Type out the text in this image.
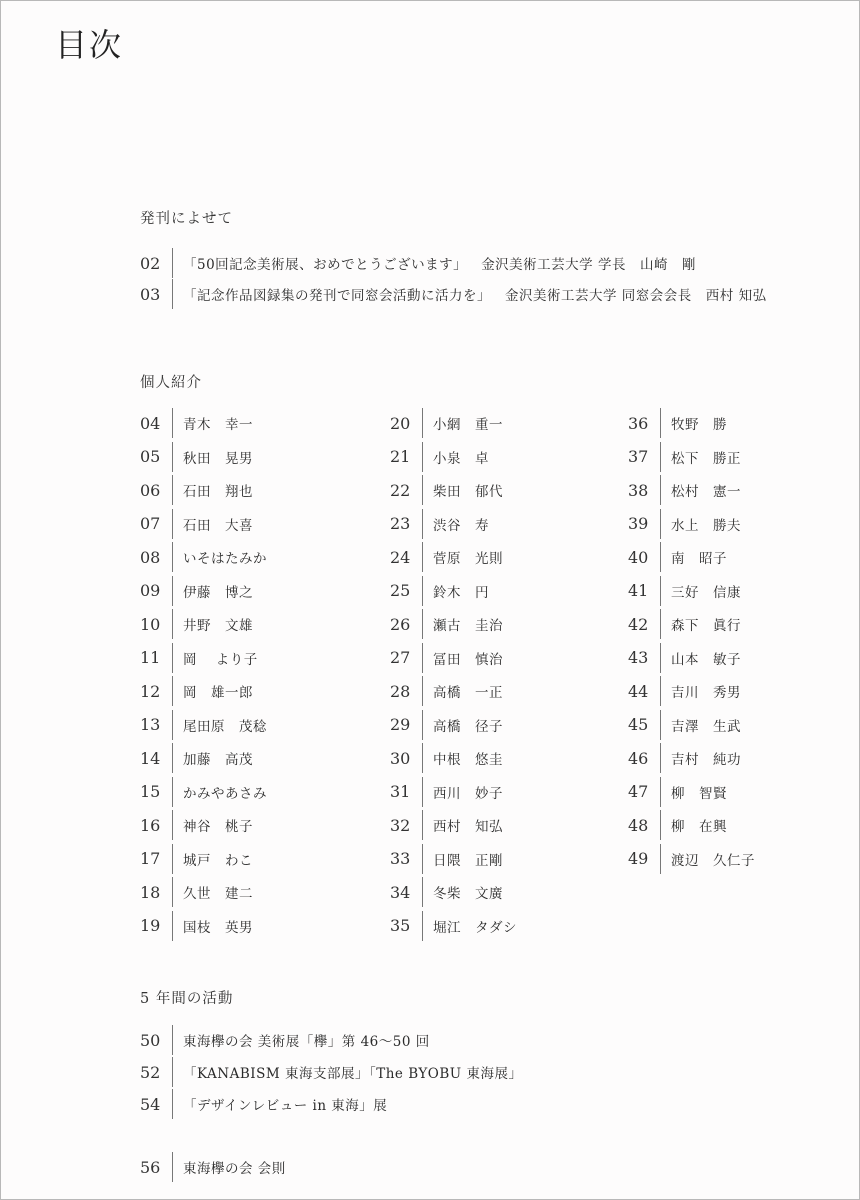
目次
発刊によせて
02	「50回記念美術展、おめでとうございます」 金沢美術工芸大学 学長　山崎　剛
03	「記念作品図録集の発刊で同窓会活動に活力を」 金沢美術工芸大学 同窓会会長　西村 知弘
個人紹介
04	青木　幸一
05	秋田　晃男
06	石田　翔也
07	石田　大喜
08	いそはたみか
09	伊藤　博之
10	井野　文雄
11	岡　 より子
12	岡　雄一郎
13	尾田原　茂稔
14	加藤　高茂
15	かみやあさみ
16	神谷　桃子
17	城戸　わこ
18	久世　建二
19	国枝　英男
20	小網　重一
21	小泉　卓
22	柴田　郁代
23	渋谷　寿
24	菅原　光則
25	鈴木　円
26	瀬古　圭治
27	冨田　慎治
28	高橋　一正
29	高橋　径子
30	中根　悠圭
31	西川　妙子
32	西村　知弘
33	日隈　正剛
34	冬柴　文廣
35	堀江　タダシ
36	牧野　勝
37	松下　勝正
38	松村　憲一
39	水上　勝夫
40	南　昭子
41	三好　信康
42	森下　眞行
43	山本　敏子
44	吉川　秀男
45	吉澤　生武
46	吉村　純功
47	柳　智賢
48	柳　在興
49	渡辺　久仁子
5 年間の活動
50	東海欅の会 美術展「欅」第 46〜50 回
52	「KANABISM 東海支部展」「The BYOBU 東海展」
54	「デザインレビュー in 東海」展
56	東海欅の会 会則
